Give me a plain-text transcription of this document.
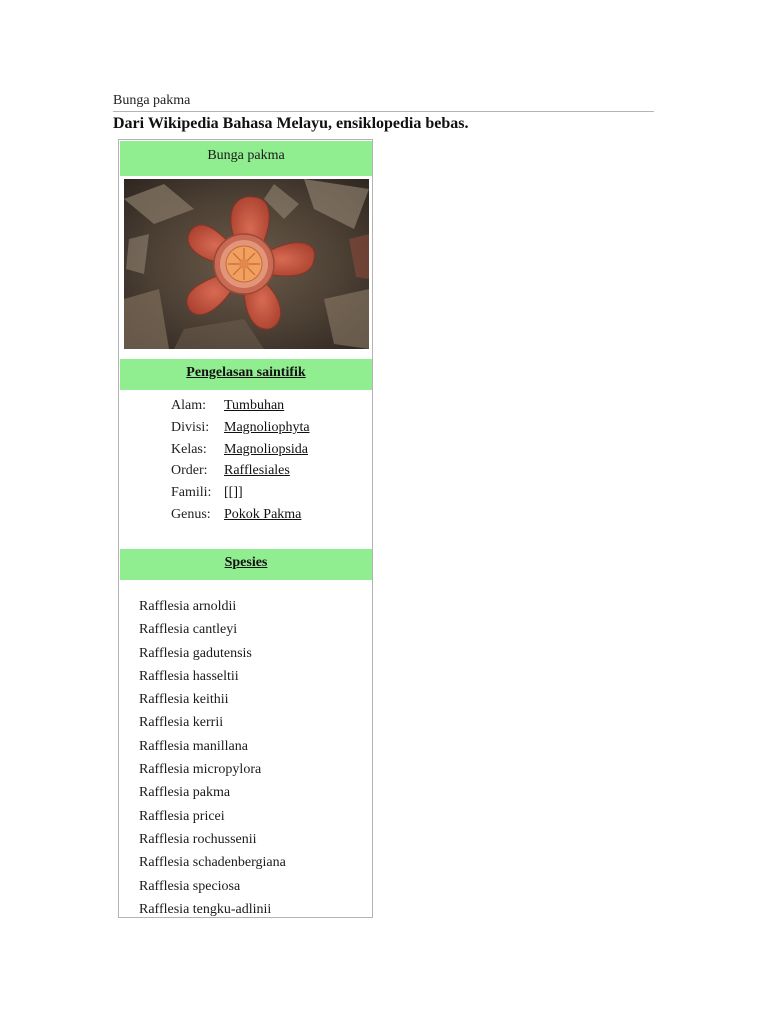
Bunga pakma
Dari Wikipedia Bahasa Melayu, ensiklopedia bebas.
Bunga pakma
Pengelasan saintifik
Alam:	Tumbuhan
Divisi:	Magnoliophyta
Kelas:	Magnoliopsida
Order:	Rafflesiales
Famili: [[]]
Genus: Pokok Pakma
Spesies
Rafflesia arnoldii
Rafflesia cantleyi
Rafflesia gadutensis
Rafflesia hasseltii
Rafflesia keithii
Rafflesia kerrii
Rafflesia manillana
Rafflesia micropylora
Rafflesia pakma
Rafflesia pricei
Rafflesia rochussenii
Rafflesia schadenbergiana
Rafflesia speciosa
Rafflesia tengku-adlinii
